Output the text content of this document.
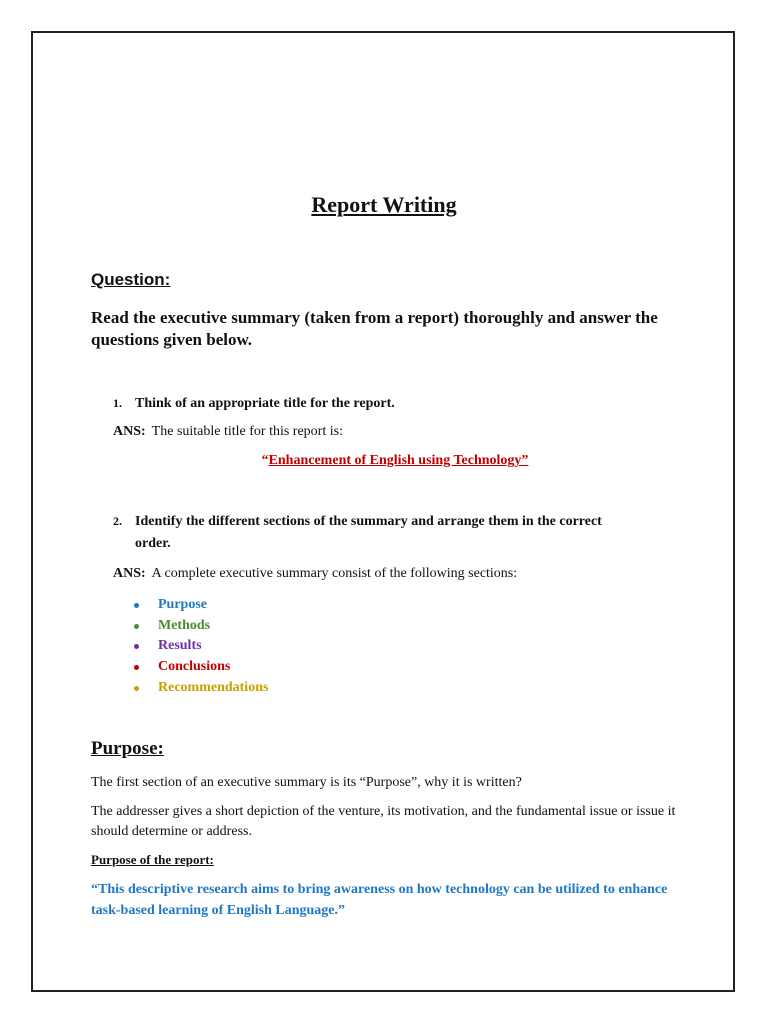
Report Writing
Question:
Read the executive summary (taken from a report) thoroughly and answer the questions given below.
1. Think of an appropriate title for the report.
ANS: The suitable title for this report is:
“Enhancement of English using Technology”
2. Identify the different sections of the summary and arrange them in the correct
order.
ANS: A complete executive summary consist of the following sections:
Purpose
Methods
Results
Conclusions
Recommendations
Purpose:
The first section of an executive summary is its “Purpose”, why it is written?
The addresser gives a short depiction of the venture, its motivation, and the fundamental issue or issue it should determine or address.
Purpose of the report:
“This descriptive research aims to bring awareness on how technology can be utilized to enhance task-based learning of English Language.”
